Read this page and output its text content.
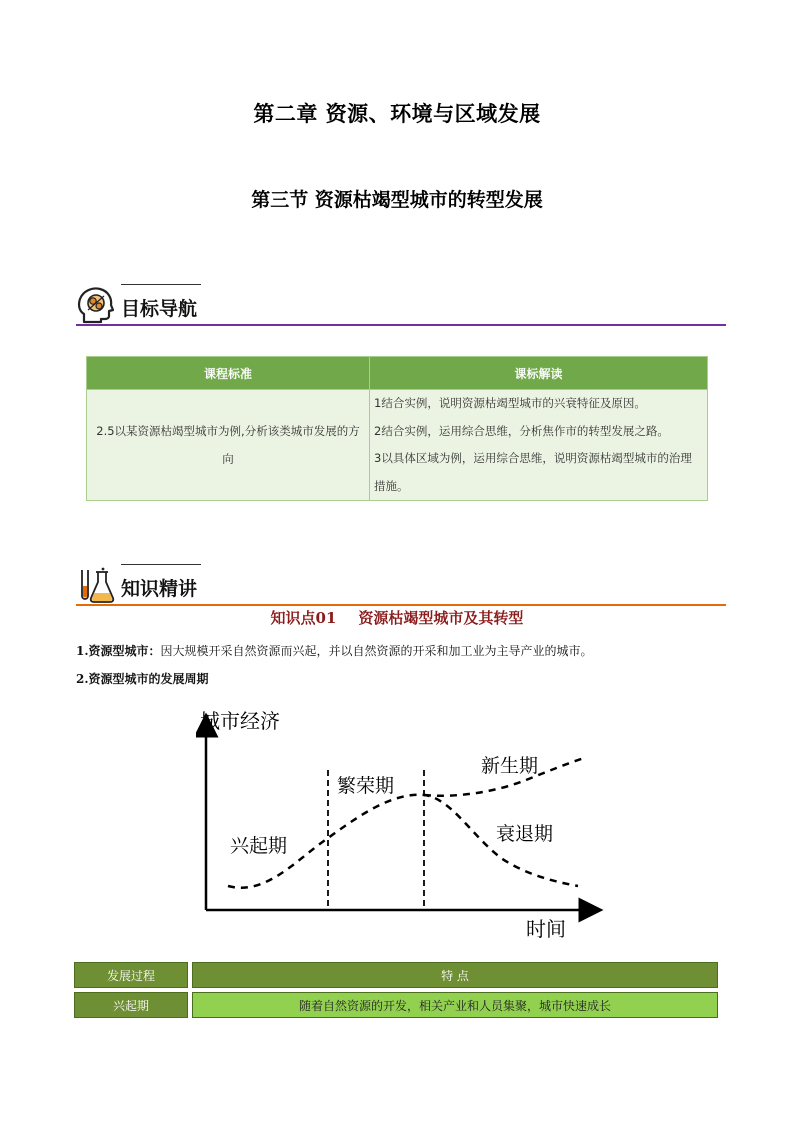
第二章 资源、环境与区域发展
第三节 资源枯竭型城市的转型发展
目标导航
课程标准	课标解读
2.5以某资源枯竭型城市为例,分析该类城市发展的方向	1结合实例，说明资源枯竭型城市的兴衰特征及原因。
2结合实例，运用综合思维，分析焦作市的转型发展之路。
3以具体区域为例，运用综合思维，说明资源枯竭型城市的治理措施。
知识精讲
知识点01 资源枯竭型城市及其转型
1.资源型城市：因大规模开采自然资源而兴起，并以自然资源的开采和加工业为主导产业的城市。
2.资源型城市的发展周期
城市经济
时间
兴起期
繁荣期
新生期
衰退期
发展过程	特 点
兴起期	随着自然资源的开发，相关产业和人员集聚，城市快速成长
